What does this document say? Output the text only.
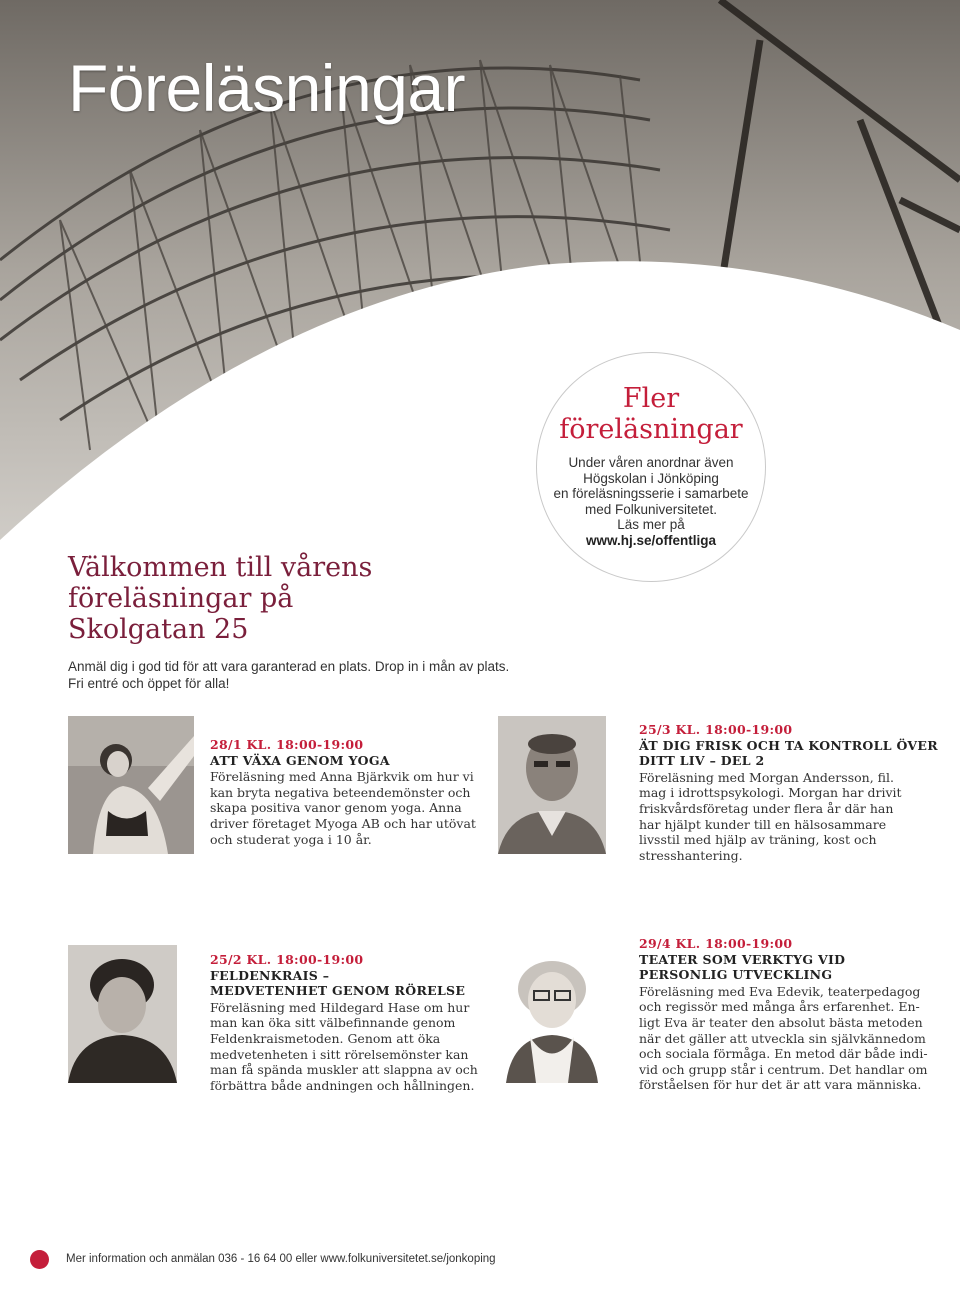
Föreläsningar
Fler
föreläsningar

Under våren anordnar även
Högskolan i Jönköping
en föreläsningsserie i samarbete
med Folkuniversitetet.
Läs mer på
www.hj.se/offentliga

Välkommen till vårens
föreläsningar på
Skolgatan 25

Anmäl dig i god tid för att vara garanterad en plats. Drop in i mån av plats.
Fri entré och öppet för alla!

28/1 KL. 18:00-19:00
ATT VÄXA GENOM YOGA
Föreläsning med Anna Bjärkvik om hur vi
kan bryta negativa beteendemönster och
skapa positiva vanor genom yoga. Anna
driver företaget Myoga AB och har utövat
och studerat yoga i 10 år.
25/3 KL. 18:00-19:00
ÄT DIG FRISK OCH TA KONTROLL ÖVER
DITT LIV – DEL 2
Föreläsning med Morgan Andersson, fil.
mag i idrottspsykologi. Morgan har drivit
friskvårdsföretag under flera år där han
har hjälpt kunder till en hälsosammare
livsstil med hjälp av träning, kost och
stresshantering.
25/2 KL. 18:00-19:00
FELDENKRAIS –
MEDVETENHET GENOM RÖRELSE
Föreläsning med Hildegard Hase om hur
man kan öka sitt välbefinnande genom
Feldenkraismetoden. Genom att öka
medvetenheten i sitt rörelsemönster kan
man få spända muskler att slappna av och
förbättra både andningen och hållningen.
29/4 KL. 18:00-19:00
TEATER SOM VERKTYG VID
PERSONLIG UTVECKLING
Föreläsning med Eva Edevik, teaterpedagog
och regissör med många års erfarenhet. En-
ligt Eva är teater den absolut bästa metoden
när det gäller att utveckla sin självkännedom
och sociala förmåga. En metod där både indi-
vid och grupp står i centrum. Det handlar om
förståelsen för hur det är att vara människa.
Mer information och anmälan 036 - 16 64 00 eller www.folkuniversitetet.se/jonkoping
